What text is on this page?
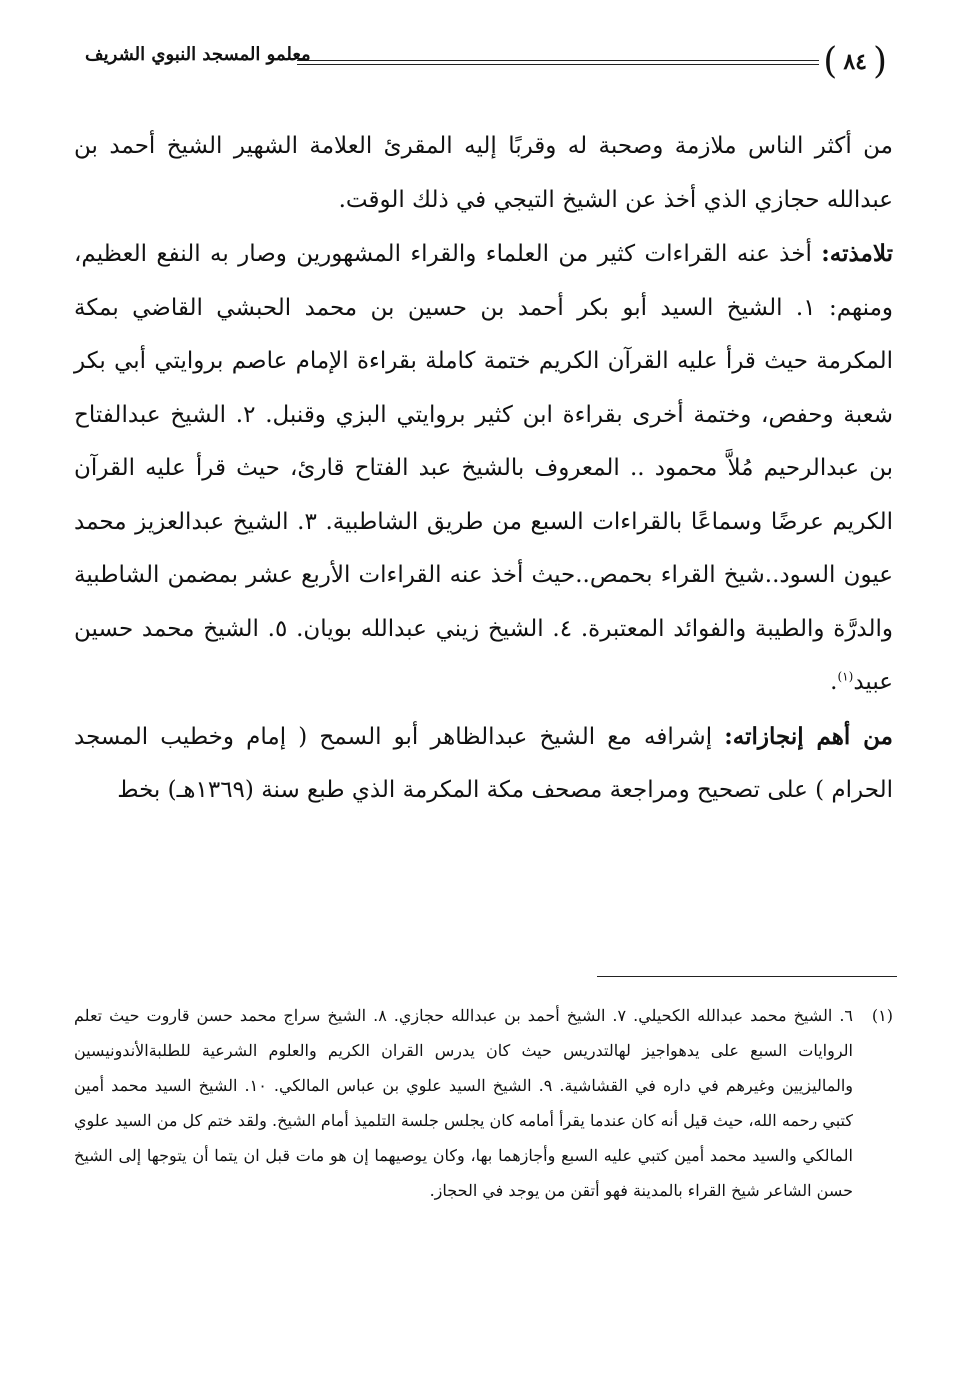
(
٨٤
)
معلمو المسجد النبوي الشريف

من أكثر الناس ملازمة وصحبة له وقربًا إليه المقرئ العلامة الشهير الشيخ أحمد بن عبدالله حجازي الذي أخذ عن الشيخ التيجي في ذلك الوقت.

تلامذته: أخذ عنه القراءات كثير من العلماء والقراء المشهورين وصار به النفع العظيم، ومنهم: ١. الشيخ السيد أبو بكر أحمد بن حسين بن محمد الحبشي القاضي بمكة المكرمة حيث قرأ عليه القرآن الكريم ختمة كاملة بقراءة الإمام عاصم بروايتي أبي بكر شعبة وحفص، وختمة أخرى بقراءة ابن كثير بروايتي البزي وقنبل. ٢. الشيخ عبدالفتاح بن عبدالرحيم مُلاَّ محمود .. المعروف بالشيخ عبد الفتاح قارئ، حيث قرأ عليه القرآن الكريم عرضًا وسماعًا بالقراءات السبع من طريق الشاطبية. ٣. الشيخ عبدالعزيز محمد عيون السود..شيخ القراء بحمص..حيث أخذ عنه القراءات الأربع عشر بمضمن الشاطبية والدرَّة والطيبة والفوائد المعتبرة. ٤. الشيخ زيني عبدالله بويان. ٥. الشيخ محمد حسين عبيد$^{(١)}$.

من أهم إنجازاته: إشرافه مع الشيخ عبدالظاهر أبو السمح ( إمام وخطيب المسجد الحرام ) على تصحيح ومراجعة مصحف مكة المكرمة الذي طبع سنة (١٣٦٩هـ) بخط

(١)
٦. الشيخ محمد عبدالله الكحيلي. ٧. الشيخ أحمد بن عبدالله حجازي. ٨. الشيخ سراج محمد حسن قاروت حيث تعلم الروايات السبع على يدهواجيز لهالتدريس حيث كان يدرس القران الكريم والعلوم الشرعية للطلبةالأندونيسين والماليزيين وغيرهم في داره في القشاشية. ٩. الشيخ السيد علوي بن عباس المالكي. ١٠. الشيخ السيد محمد أمين كتبي رحمه الله، حيث قيل أنه كان عندما يقرأ أمامه كان يجلس جلسة التلميذ أمام الشيخ. ولقد ختم كل من السيد علوي المالكي والسيد محمد أمين كتبي عليه السبع وأجازهما بها، وكان يوصيهما إن هو مات قبل ان يتما أن يتوجها إلى الشيخ حسن الشاعر شيخ القراء بالمدينة فهو أتقن من يوجد في الحجاز.
